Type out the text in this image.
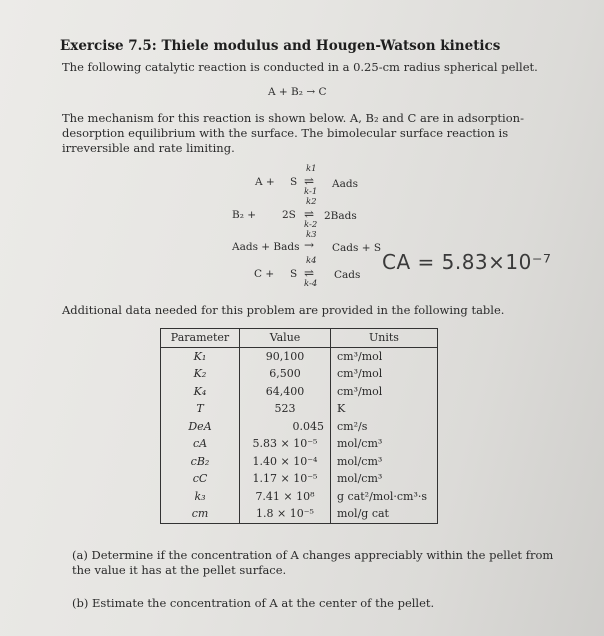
Exercise 7.5: Thiele modulus and Hougen-Watson kinetics
The following catalytic reaction is conducted in a 0.25-cm radius spherical pellet.
A + B₂ → C
The mechanism for this reaction is shown below. A, B₂ and C are in adsorption-desorption equilibrium with the surface. The bimolecular surface reaction is irreversible and rate limiting.
A + S
k1
⇌
k-1
Aads
B₂ + 2S
k2
⇌
k-2
2Bads
Aads + Bads
k3
→ Cads + S
C + S
k4
⇌
k-4
Cads
CA = 5.83×10⁻⁷
Additional data needed for this problem are provided in the following table.
Parameter	Value	Units
K₁	90,100	cm³/mol
K₂	6,500	cm³/mol
K₄	64,400	cm³/mol
T	523	K
DeA	0.045	cm²/s
cA	5.83 × 10⁻⁵	mol/cm³
cB₂	1.40 × 10⁻⁴	mol/cm³
cC	1.17 × 10⁻⁵	mol/cm³
k₃	7.41 × 10⁸	g cat²/mol·cm³·s
cm	1.8 × 10⁻⁵	mol/g cat
(a) Determine if the concentration of A changes appreciably within the pellet from the value it has at the pellet surface.
(b) Estimate the concentration of A at the center of the pellet.
